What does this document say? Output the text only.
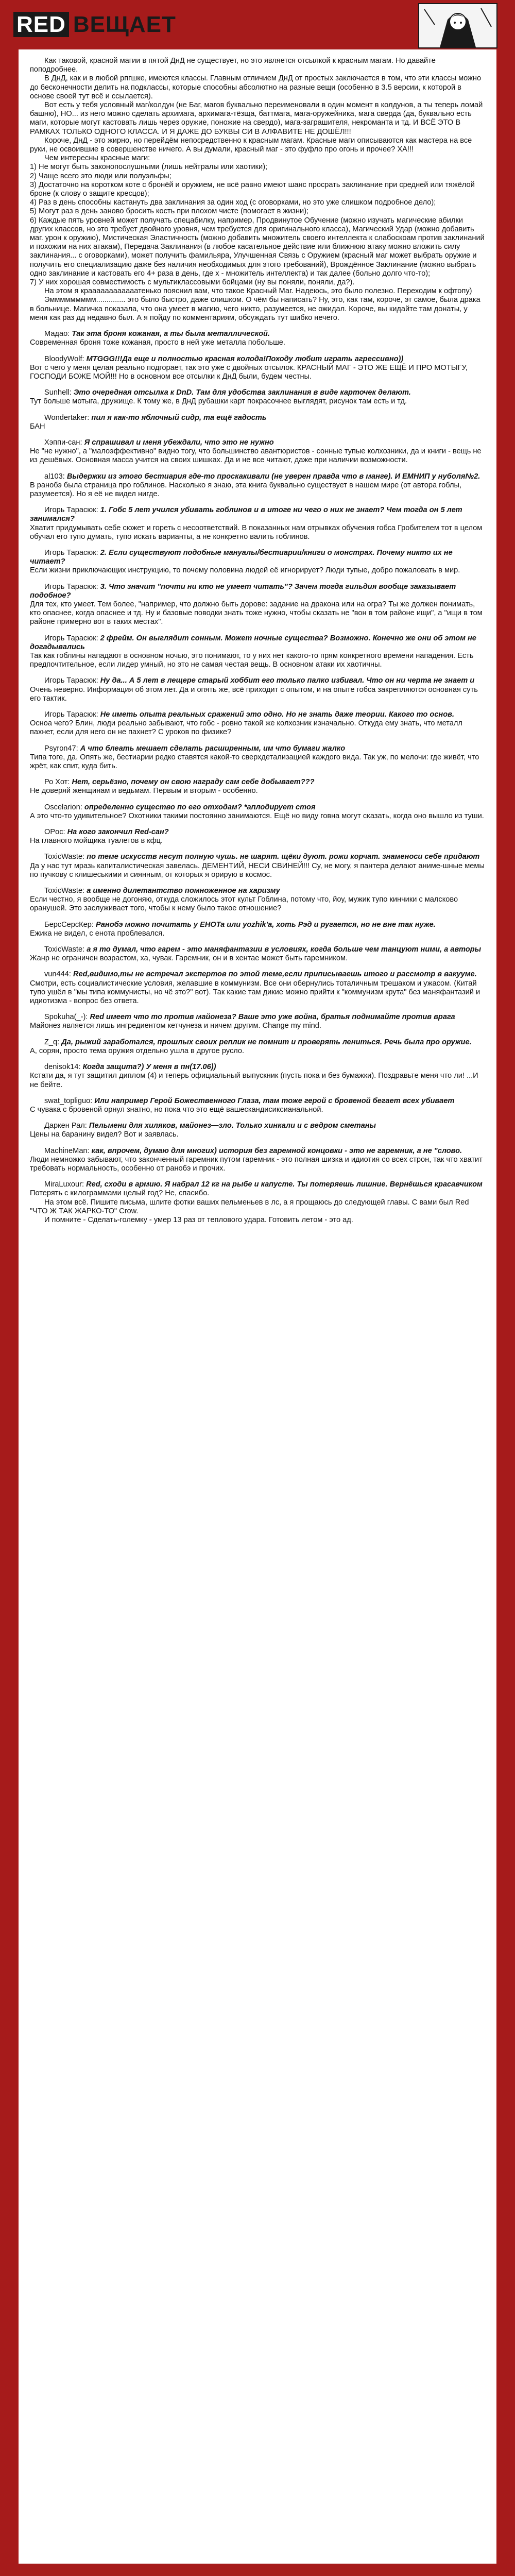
RED ВЕЩАЕТ

Как таковой, красной магии в пятой ДнД не существует, но это является отсылкой к красным магам. Но давайте поподробнее.

В ДнД, как и в любой рпгшке, имеются классы. Главным отличием ДнД от простых заключается в том, что эти классы можно до бесконечности делить на подклассы, которые способны абсолютно на разные вещи (особенно в 3.5 версии, к которой в основе своей тут всё и ссылается).

Вот есть у тебя условный маг/колдун (не Баг, магов буквально переименовали в один момент в колдунов, а ты теперь ломай башню), НО... из него можно сделать архимага, архимага-тёзща, баттмага, мага-оружейника, мага сверда (да, буквально есть маги, которые могут кастовать лишь через оружие, поножие на свердо), мага-заграшителя, некроманта и тд. И ВСЁ ЭТО В РАМКАХ ТОЛЬКО ОДНОГО КЛАССА. И Я ДАЖЕ ДО БУКВЫ СИ В АЛФАВИТЕ НЕ ДОШЁЛ!!!

Короче, ДнД - это жирно, но перейдём непосредственно к красным магам. Красные маги описываются как мастера на все руки, не освоившие в совершенстве ничего. А вы думали, красный маг - это фуфло про огонь и прочее? ХА!!!

Чем интересны красные маги:

1) Не могут быть законопослушными (лишь нейтралы или хаотики);

2) Чаще всего это люди или полуэльфы;

3) Достаточно на коротком коте с бронёй и оружием, не всё равно имеют шанс просрать заклинание при средней или тяжёлой броне (к слову о защите кресцов);

4) Раз в день способны кастануть два заклинания за один ход (с оговорками, но это уже слишком подробное дело);

5) Могут раз в день заново бросить кость при плохом чисте (помогает в жизни);

6) Каждые пять уровней может получать спецабилку, например, Продвинутое Обучение (можно изучать магические абилки других классов, но это требует двойного уровня, чем требуется для оригинального класса), Магический Удар (можно добавить маг. урон к оружию), Мистическая Эластичность (можно добавить множитель своего интеллекта к слабоскоам против заклинаний и похожим на них атакам), Передача Заклинания (в любое касательное действие или ближнюю атаку можно вложить силу заклинания... с оговорками), может получить фамильяра, Улучшенная Связь с Оружием (красный маг может выбрать оружие и получить его специализацию даже без наличия необходимых для этого требований), Врождённое Заклинание (можно выбрать одно заклинание и кастовать его 4+ раза в день, где x - множитель интеллекта) и так далее (больно долго что-то);

7) У них хорошая совместимость с мультиклассовыми бойцами (ну вы поняли, поняли, да?).

На этом я краааааааааааатенько пояснил вам, что такое Красный Маг. Надеюсь, это было полезно. Переходим к офтопу)

Эммммммммм.............. это было быстро, даже слишком. О чём бы написать? Ну, это, как там, короче, эт самое, была драка в больнице. Магичка показала, что она умеет в магию, чего никто, разумеется, не ожидал. Короче, вы кидайте там донаты, у меня как раз дд недавно был. А я пойду по комментариям, обсуждать тут шибко нечего.

Мадао: Так эта броня кожаная, а ты была металлической.

Современная броня тоже кожаная, просто в ней уже металла побольше.

BloodyWolf: MTGGG!!!Да еще и полностью красная колода!Походу любит играть агрессивно))

Вот с чего у меня целая реально подгорает, так это уже с двойных отсылок. КРАСНЫЙ МАГ - ЭТО ЖЕ ЕЩЁ И ПРО МОТЫГУ, ГОСПОДИ БОЖЕ МОЙ!!! Но в основном все отсылки к ДнД были, будем честны.

Sunhell: Это очередная отсылка к DnD. Там для удобства заклинания в виде карточек делают.

Тут больше мотыга, дружище. К тому же, в ДнД рубашки карт покрасочнее выглядят, рисунок там есть и тд.

Wondertaker: пил я как-то яблочный сидр, та ещё гадость

БАН

Хэппи-сан: Я спрашивал и меня убеждали, что это не нужно

Не "не нужно", а "малоэффективно" видно тогу, что большинство авантюристов - сонные тупые колхозники, да и книги - вещь не из дешёвых. Основная масса учится на своих шишках. Да и не все читают, даже при наличии возможности.

al103: Выдержки из этого бестиария где-то проскакивали (не уверен правда что в манге). И ЕМНИП у нуболя№2.

В ранобэ была страница про гоблинов. Насколько я знаю, эта книга буквально существует в нашем мире (от автора гоблы, разумеется). Но я её не видел нигде.

Игорь Тарасюк: 1. Гобс 5 лет учился убивать гоблинов и в итоге ни чего о них не знает? Чем тогда он 5 лет занимался?

Хватит придумывать себе сюжет и гореть с несоответствий. В показанных нам отрывках обучения гобса Гробителем тот в целом обучал его тупо думать, тупо искать варианты, а не конкретно валить гоблинов.

Игорь Тарасюк: 2. Если существуют подобные мануалы/бестиарии/книги о монстрах. Почему никто их не читает?

Если жизни приключающих инструкцию, то почему половина людей её игнорирует? Люди тупые, добро пожаловать в мир.

Игорь Тарасюк: 3. Что значит "почти ни кто не умеет читать"? Зачем тогда гильдия вообще заказывает подобное?

Для тех, кто умеет. Тем более, "например, что должно быть дорове: задание на дракона или на огра? Ты же должен понимать, кто опаснее, когда опаснее и тд. Ну и базовые поводки знать тоже нужно, чтобы сказать не "вон в том районе ищи", а "ищи в том районе примерно вот в таких местах".

Игорь Тарасюк: 2 фрейм. Он выглядит сонным. Может ночные существа? Возможно. Конечно же они об этом не догадывались

Так как гоблины нападают в основном ночью, это понимают, то у них нет какого-то прям конкретного времени нападения. Есть предпочтительное, если лидер умный, но это не самая честая вещь. В основном атаки их хаотичны.

Игорь Тарасюк: Ну да... А 5 лет в лещере старый хоббит его только палко избивал. Что он ни черта не знает и

Очень неверно. Информация об этом лет. Да и опять же, всё приходит с опытом, и на опыте гобса закрепляются основная суть его тактик.

Игорь Тарасюк: Не иметь опыта реальных сражений это одно. Но не знать даже теории. Какого то основ.

Осноа чего? Блин, люди реально забывают, что гобс - ровно такой же колхозник изначально. Откуда ему знать, что металл пахнет, если для него он не пахнет? С уроков по физике?

Psyron47: А что блеать мешает сделать расширенным, им что бумаги жалко

Типа тоге, да. Опять же, бестиарии редко ставятся какой-то сверхдетализацией каждого вида. Так уж, по мелочи: где живёт, что жрёт, как спит, куда бить.

Ро Хот: Нет, серьёзно, почему он свою награду сам себе добывает???

Не доверяй женщинам и ведьмам. Первым и вторым - особенно.

Oscelarion: определенно существо по его отходам? *аплодирует стоя

А это что-то удивительное? Охотники такими постоянно занимаются. Ещё но виду говна могут сказать, когда оно вышло из туши.

OPoc: На кого закончил Red-сан?

На главного мойщика туалетов в кфц.

ToxicWaste: по теме искусств несут полную чушь. не шарят. щёки дуют. рожи корчат. знаменоси себе придают

Да у нас тут мразь капиталистическая завелась. ДЕМЕНТИЙ, НЕСИ СВИНЕЙ!!! Су, не могу, я пантера делают аниме-шные мемы по пучкову с клишеськими и сиянным, от которых я орирую в космос.

ToxicWaste: а именно дилетантство помноженное на харизму

Если честно, я вообще не догоняю, откуда сложилось этот культ Гоблина, потому что, йоу, мужик тупо кинчики с малсково оранушей. Это заслуживает того, чтобы к нему было такое отношение?

БерсСерсКер: Ранобэ можно почитать у EHOTa или yozhik'a, хоть Рэд и ругается, но не вне так нуже.

Ежика не видел, с енота проблевался.

ToxicWaste: а я то думал, что гарем - это маняфантазии в условиях, когда больше чем танцуют ними, а авторы

Жанр не ограничен возрастом, ха, чувак. Гаремник, он и в хентае может быть гаремником.

vun444: Red,видимо,ты не встречал экспертов по этой теме,если приписываешь итого и рассмотр в вакууме.

Смотри, есть социалистические условия, желавшие в коммунизм. Все они обернулись тоталичным трешаком и ужасом. (Китай тупо ушёл в "мы типа коммунисты, но чё это?" вот). Так какие там дикие можно прийти к "коммунизм крута" без маняфантазий и идиотизма - вопрос без ответа.

Spokuha(_-): Red имеет что то против майонеза? Ваше это уже война, братья поднимайте против врага

Майонез является лишь ингредиентом кетчунеза и ничем другим. Change my mind.

Z_q: Да, рыжий заработался, прошлых своих реплик не помнит и проверять лениться. Речь была про оружие.

А, сорян, просто тема оружия отдельно ушла в другое русло.

denisok14: Когда защита?) У меня в пн(17.06))

Кстати да, я тут защитил диплом (4) и теперь официальный выпускник (пусть пока и без бумажки). Поздравьте меня что ли! ...И не бейте.

swat_topliguo: Или например Герой Божественного Глаза, там тоже герой с бровеной бегает всех убивает

С чувака с бровеной орнул знатно, но пока что это ещё вашескандисиксианальной.

Даркен Рал: Пельмени для хиляков, майонез—зло. Только хинкали и с ведром сметаны

Цены на баранину видел? Вот и заявлась.

MachineMan: как, впрочем, думаю для многих) история без гаремной концовки - это не гаремник, а не "слово.

Люди немножко забывают, что законченный гаремник путом гаремник - это полная шизка и идиотия со всех строн, так что хватит требовать нормальность, особенно от ранобэ и прочих.

MiraLuxour: Red, сходи в армию. Я набрал 12 кг на рыбе и капусте. Ты потеряешь лишние. Вернёшься красавчиком

Потерять с килограммами целый год? Не, спасибо.

На этом всё. Пишите письма, шлите фотки ваших пельменьев в лс, а я прощаюсь до следующей главы. С вами был Red "ЧТО Ж ТАК ЖАРКО-ТО" Crow.

И помните - Сделать-големку - умер 13 раз от теплового удара. Готовить летом - это ад.
